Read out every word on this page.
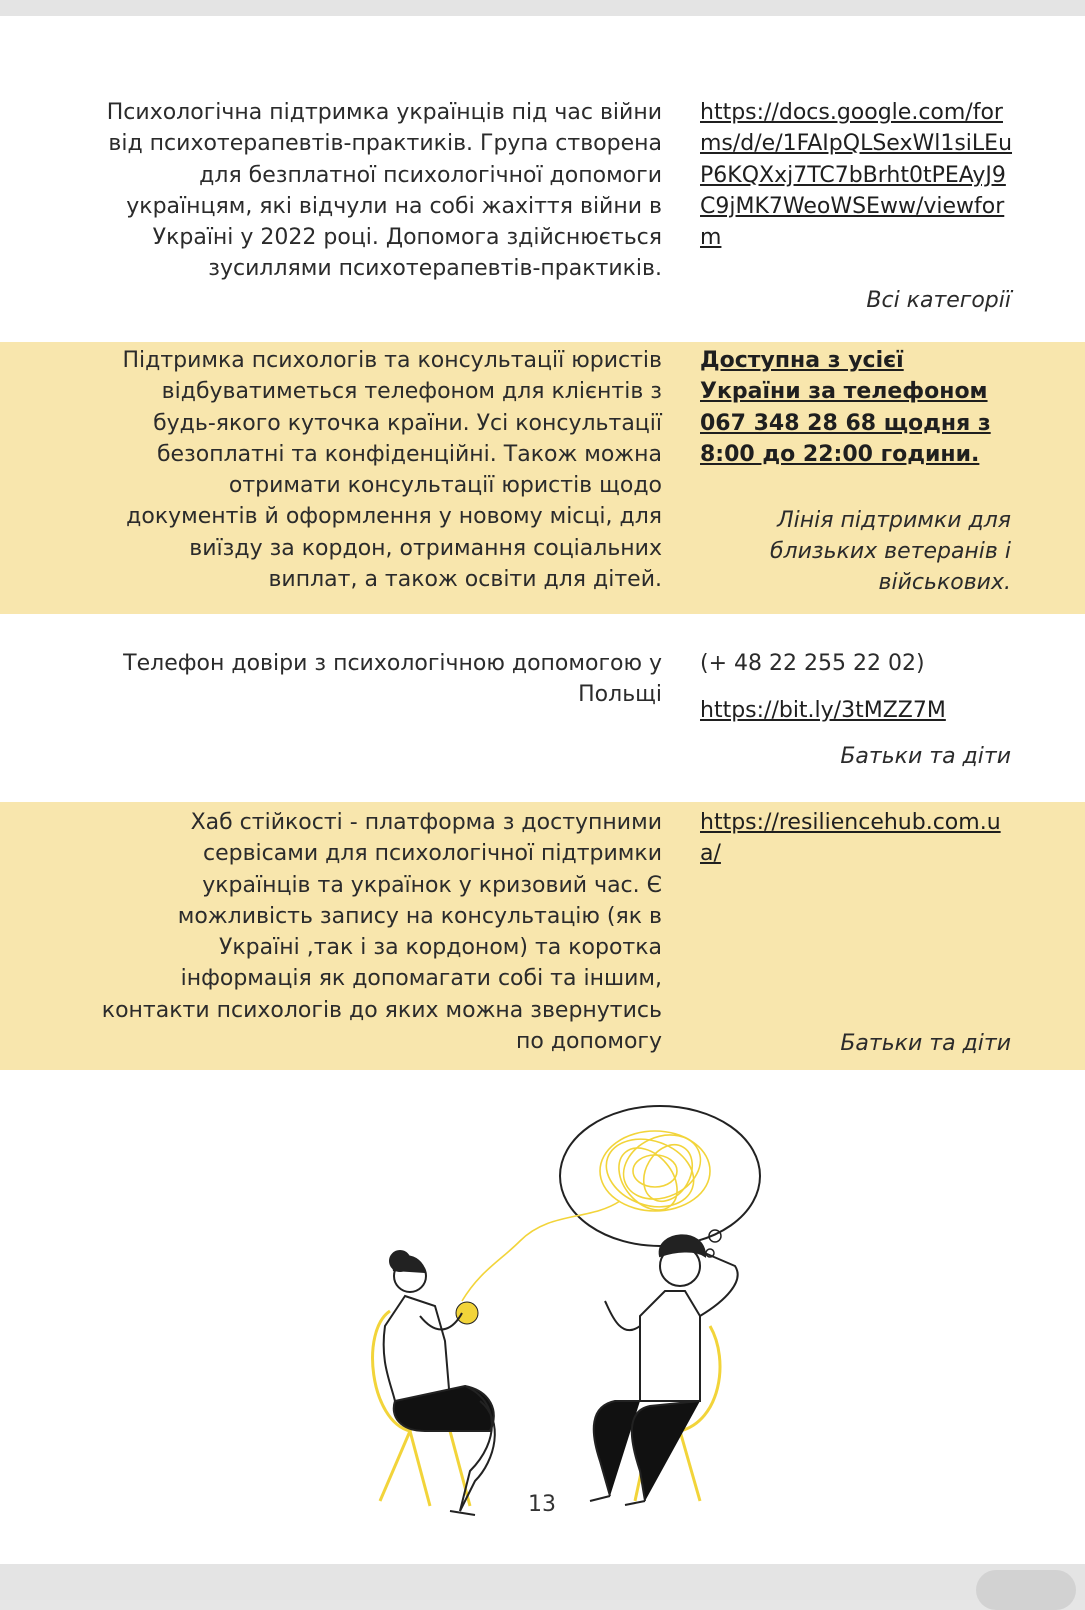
Психологічна підтримка українців під час війни від психотерапевтів-практиків. Група створена для безплатної психологічної допомоги українцям, які відчули на собі жахіття війни в Україні у 2022 році. Допомога здійснюється зусиллями психотерапевтів-практиків.
https://docs.google.com/forms/d/e/1FAIpQLSexWl1siLEuP6KQXxj7TC7bBrht0tPEAyJ9C9jMK7WeoWSEww/viewform
Всі категорії
Підтримка психологів та консультації юристів відбуватиметься телефоном для клієнтів з будь-якого куточка країни. Усі консультації безоплатні та конфіденційні. Також можна отримати консультації юристів щодо документів й оформлення у новому місці, для виїзду за кордон, отримання соціальних виплат, а також освіти для дітей.
Доступна з усієї України за телефоном 067 348 28 68 щодня з 8:00 до 22:00 години.
Лінія підтримки для близьких ветеранів і військових.
Телефон довіри з психологічною допомогою у Польщі
(+ 48 22 255 22 02)
https://bit.ly/3tMZZ7M
Батьки та діти
Хаб стійкості - платформа з доступними сервісами для психологічної підтримки українців та українок у кризовий час. Є можливість запису на консультацію (як в Україні ,так і за кордоном) та коротка інформація як допомагати собі та іншим, контакти психологів до яких можна звернутись по допомогу
https://resiliencehub.com.ua/
Батьки та діти
13
